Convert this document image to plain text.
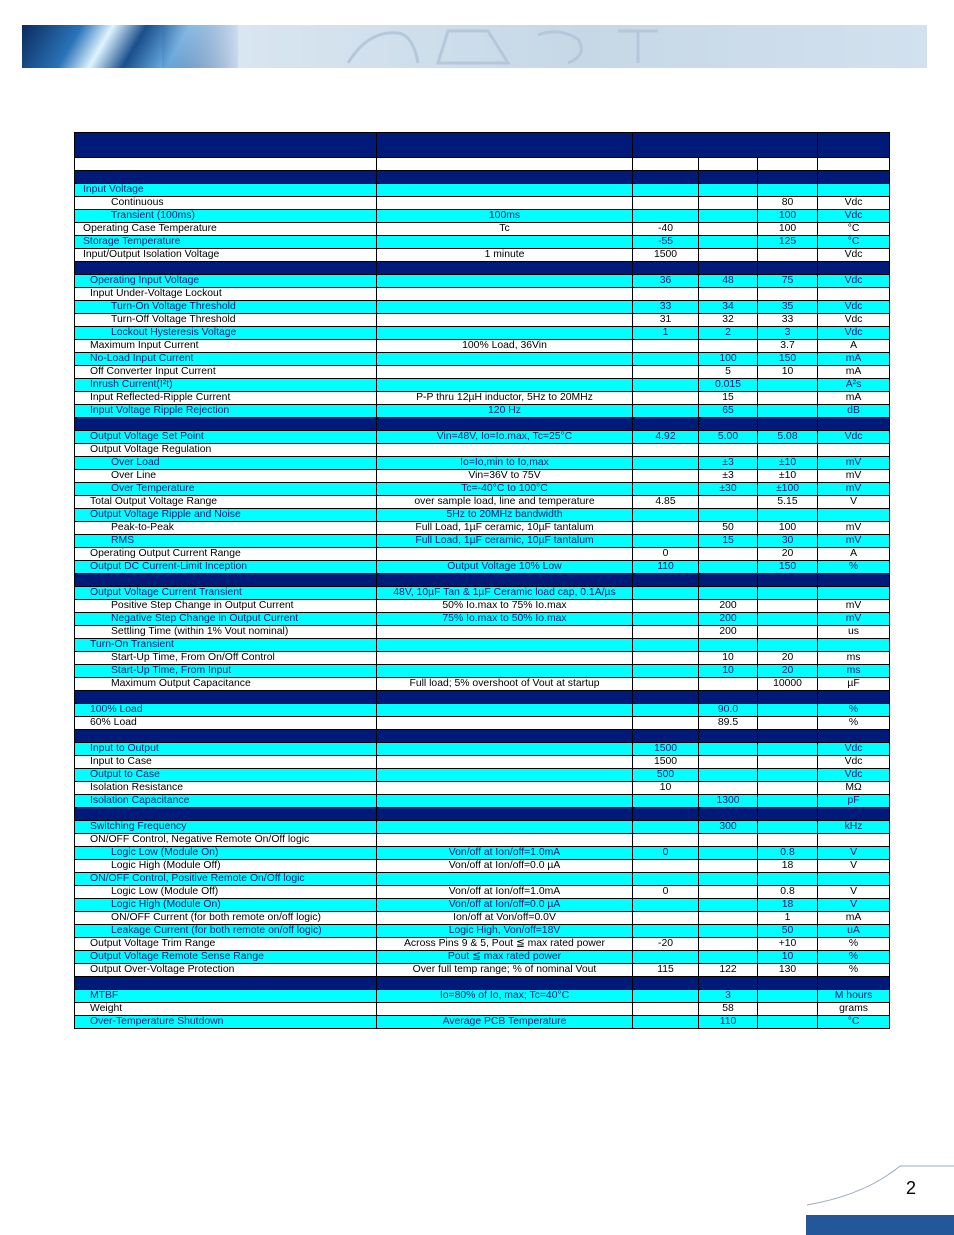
Input Voltage					
Continuous				80	Vdc
Transient (100ms)	100ms			100	Vdc
Operating Case Temperature	Tc	-40		100	°C
Storage Temperature		-55		125	°C
Input/Output Isolation Voltage	1 minute	1500			Vdc

Operating Input Voltage		36	48	75	Vdc
Input Under-Voltage Lockout					
Turn-On Voltage Threshold		33	34	35	Vdc
Turn-Off Voltage Threshold		31	32	33	Vdc
Lockout Hysteresis Voltage		1	2	3	Vdc
Maximum Input Current	100% Load, 36Vin			3.7	A
No-Load Input Current			100	150	mA
Off Converter Input Current			5	10	mA
Inrush Current(I²t)			0.015		A²s
Input Reflected-Ripple Current	P-P thru 12µH inductor, 5Hz to 20MHz		15		mA
Input Voltage Ripple Rejection	120 Hz		65		dB

Output Voltage Set Point	Vin=48V, Io=Io.max, Tc=25°C	4.92	5.00	5.08	Vdc
Output Voltage Regulation					
Over Load	Io=Io,min to Io,max		±3	±10	mV
Over Line	Vin=36V to 75V		±3	±10	mV
Over Temperature	Tc=-40°C to 100°C		±30	±100	mV
Total Output Voltage Range	over sample load, line and temperature	4.85		5.15	V
Output Voltage Ripple and Noise	5Hz to 20MHz bandwidth				
Peak-to-Peak	Full Load, 1µF ceramic, 10µF tantalum		50	100	mV
RMS	Full Load, 1µF ceramic, 10µF tantalum		15	30	mV
Operating Output Current Range		0		20	A
Output DC Current-Limit Inception	Output Voltage 10% Low	110		150	%

Output Voltage Current Transient	48V, 10µF Tan & 1µF Ceramic load cap, 0.1A/µs				
Positive Step Change in Output Current	50% Io.max to 75% Io.max		200		mV
Negative Step Change in Output Current	75% Io.max to 50% Io.max		200		mV
Settling Time (within 1% Vout nominal)			200		us
Turn-On Transient					
Start-Up Time, From On/Off Control			10	20	ms
Start-Up Time, From Input			10	20	ms
Maximum Output Capacitance	Full load; 5% overshoot of Vout at startup			10000	µF

100% Load			90.0		%
60% Load			89.5		%

Input to Output		1500			Vdc
Input to Case		1500			Vdc
Output to Case		500			Vdc
Isolation Resistance		10			MΩ
Isolation Capacitance			1300		pF

Switching Frequency			300		kHz
ON/OFF Control, Negative Remote On/Off logic					
Logic Low (Module On)	Von/off at Ion/off=1.0mA	0		0.8	V
Logic High (Module Off)	Von/off at Ion/off=0.0 µA			18	V
ON/OFF Control, Positive Remote On/Off logic					
Logic Low (Module Off)	Von/off at Ion/off=1.0mA	0		0.8	V
Logic High (Module On)	Von/off at Ion/off=0.0 µA			18	V
ON/OFF Current (for both remote on/off logic)	Ion/off at Von/off=0.0V			1	mA
Leakage Current (for both remote on/off logic)	Logic High, Von/off=18V			50	uA
Output Voltage Trim Range	Across Pins 9 & 5, Pout ≦ max rated power	-20		+10	%
Output Voltage Remote Sense Range	Pout ≦ max rated power			10	%
Output Over-Voltage Protection	Over full temp range; % of nominal Vout	115	122	130	%

MTBF	Io=80% of Io, max; Tc=40°C		3		M hours
Weight			58		grams
Over-Temperature Shutdown	Average PCB Temperature		110		°C
2
